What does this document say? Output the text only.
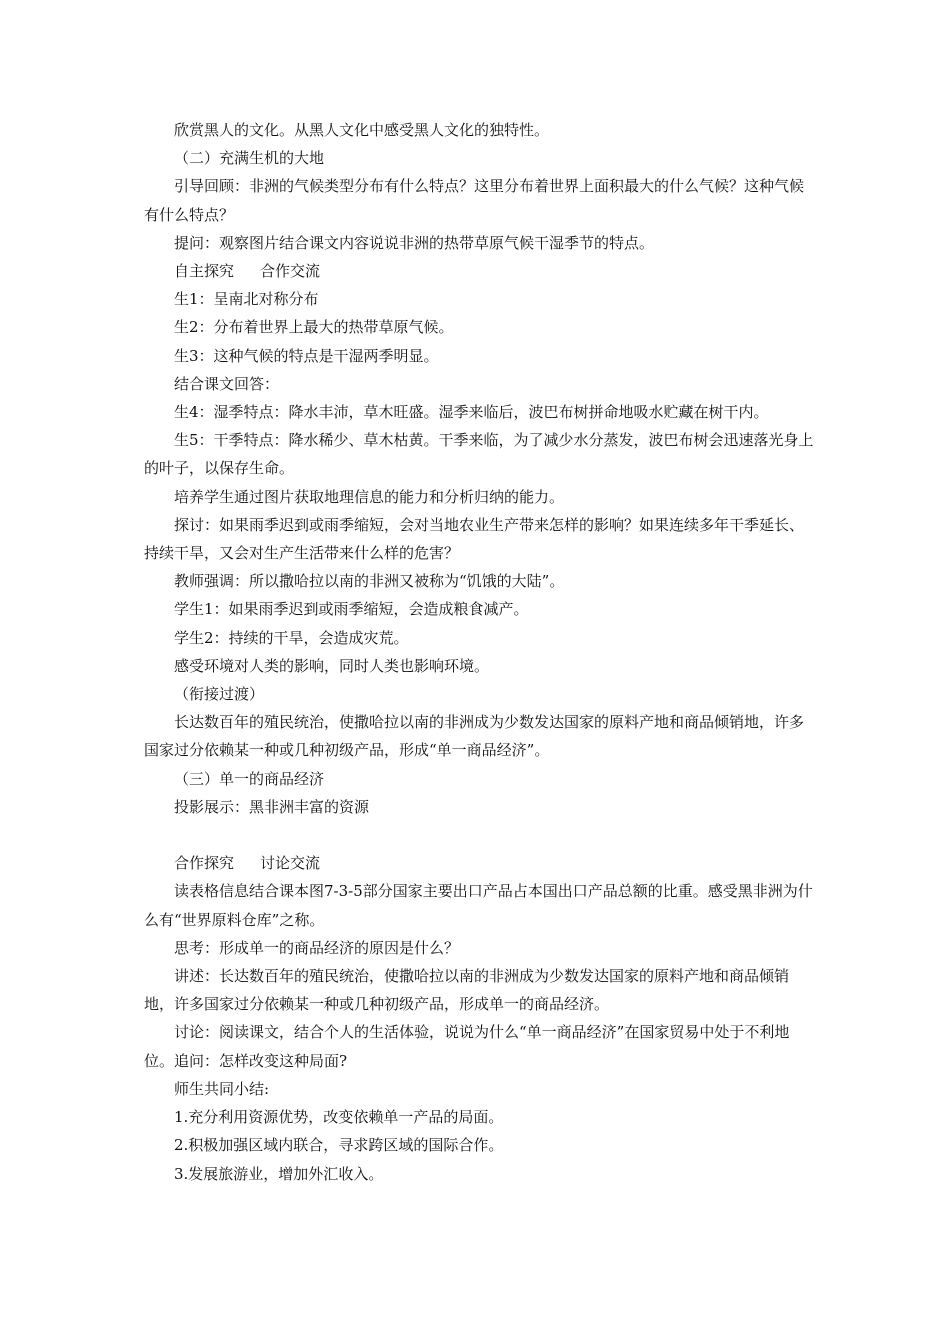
欣赏黑人的文化。从黑人文化中感受黑人文化的独特性。

（二）充满生机的大地

引导回顾：非洲的气候类型分布有什么特点？这里分布着世界上面积最大的什么气候？这种气候有什么特点？

提问：观察图片结合课文内容说说非洲的热带草原气候干湿季节的特点。

自主探究 合作交流

生1：呈南北对称分布

生2：分布着世界上最大的热带草原气候。

生3：这种气候的特点是干湿两季明显。

结合课文回答：

生4：湿季特点：降水丰沛，草木旺盛。湿季来临后，波巴布树拼命地吸水贮藏在树干内。

生5：干季特点：降水稀少、草木枯黄。干季来临，为了减少水分蒸发，波巴布树会迅速落光身上的叶子，以保存生命。

培养学生通过图片获取地理信息的能力和分析归纳的能力。

探讨：如果雨季迟到或雨季缩短，会对当地农业生产带来怎样的影响？如果连续多年干季延长、持续干旱，又会对生产生活带来什么样的危害？

教师强调：所以撒哈拉以南的非洲又被称为“饥饿的大陆”。

学生1：如果雨季迟到或雨季缩短，会造成粮食减产。

学生2：持续的干旱，会造成灾荒。

感受环境对人类的影响，同时人类也影响环境。

（衔接过渡）

长达数百年的殖民统治，使撒哈拉以南的非洲成为少数发达国家的原料产地和商品倾销地，许多国家过分依赖某一种或几种初级产品，形成“单一商品经济”。

（三）单一的商品经济

投影展示：黑非洲丰富的资源

合作探究 讨论交流

读表格信息结合课本图7-3-5部分国家主要出口产品占本国出口产品总额的比重。感受黑非洲为什么有“世界原料仓库”之称。

思考：形成单一的商品经济的原因是什么？

讲述：长达数百年的殖民统治，使撒哈拉以南的非洲成为少数发达国家的原料产地和商品倾销地，许多国家过分依赖某一种或几种初级产品，形成单一的商品经济。

讨论：阅读课文，结合个人的生活体验，说说为什么“单一商品经济”在国家贸易中处于不利地位。追问：怎样改变这种局面?

师生共同小结:

1.充分利用资源优势，改变依赖单一产品的局面。

2.积极加强区域内联合，寻求跨区域的国际合作。

3.发展旅游业，增加外汇收入。
